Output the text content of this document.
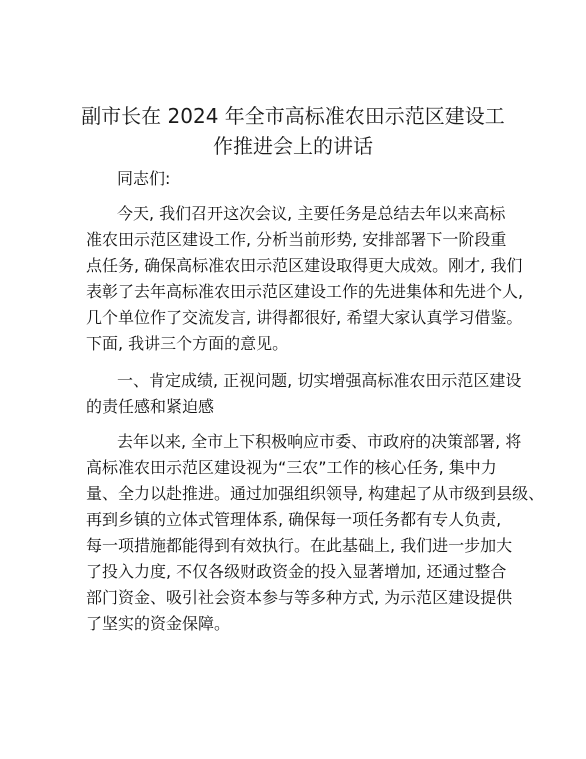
副市长在 2024 年全市高标准农田示范区建设工
作推进会上的讲话
同志们:
今天, 我们召开这次会议, 主要任务是总结去年以来高标
准农田示范区建设工作, 分析当前形势, 安排部署下一阶段重
点任务, 确保高标准农田示范区建设取得更大成效。刚才, 我们
表彰了去年高标准农田示范区建设工作的先进集体和先进个人,
几个单位作了交流发言, 讲得都很好, 希望大家认真学习借鉴。
下面, 我讲三个方面的意见。
一、肯定成绩, 正视问题, 切实增强高标准农田示范区建设
的责任感和紧迫感
去年以来, 全市上下积极响应市委、市政府的决策部署, 将
高标准农田示范区建设视为“三农”工作的核心任务, 集中力
量、全力以赴推进。通过加强组织领导, 构建起了从市级到县级、
再到乡镇的立体式管理体系, 确保每一项任务都有专人负责,
每一项措施都能得到有效执行。在此基础上, 我们进一步加大
了投入力度, 不仅各级财政资金的投入显著增加, 还通过整合
部门资金、吸引社会资本参与等多种方式, 为示范区建设提供
了坚实的资金保障。
